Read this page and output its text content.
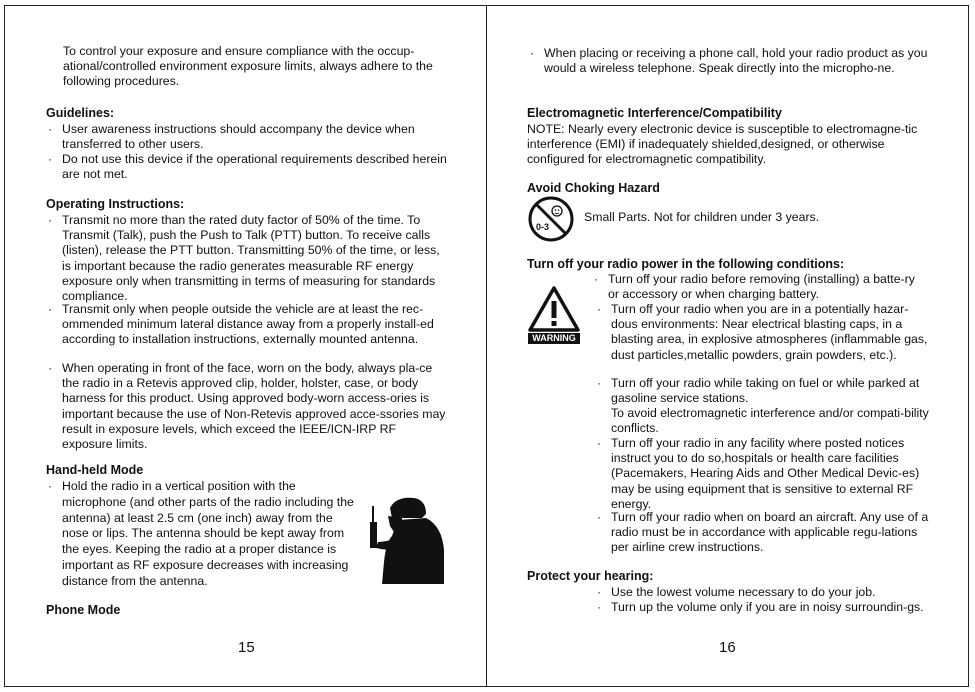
To control your exposure and ensure compliance with the occup-ational/controlled environment exposure limits, always adhere to the following procedures.
Guidelines:
· User awareness instructions should accompany the device when transferred to other users.
· Do not use this device if the operational requirements described herein are not met.
Operating Instructions:
· Transmit no more than the rated duty factor of 50% of the time. To Transmit (Talk), push the Push to Talk (PTT) button. To receive calls (listen), release the PTT button. Transmitting 50% of the time, or less, is important because the radio generates measurable RF energy exposure only when transmitting in terms of measuring for standards compliance.
· Transmit only when people outside the vehicle are at least the rec-ommended minimum lateral distance away from a properly install-ed according to installation instructions, externally mounted antenna.
· When operating in front of the face, worn on the body, always pla-ce the radio in a Retevis approved clip, holder, holster, case, or body harness for this product. Using approved body-worn access-ories is important because the use of Non-Retevis approved acce-ssories may result in exposure levels, which exceed the IEEE/ICN-IRP RF exposure limits.
Hand-held Mode
· Hold the radio in a vertical position with the microphone (and other parts of the radio including the antenna) at least 2.5 cm (one inch) away from the nose or lips. The antenna should be kept away from the eyes. Keeping the radio at a proper distance is important as RF exposure decreases with increasing distance from the antenna.
Phone Mode
15
· When placing or receiving a phone call, hold your radio product as you would a wireless telephone. Speak directly into the micropho-ne.
Electromagnetic Interference/Compatibility
NOTE: Nearly every electronic device is susceptible to electromagne-tic interference (EMI) if inadequately shielded,designed, or otherwise configured for electromagnetic compatibility.
Avoid Choking Hazard
0-3
Small Parts. Not for children under 3 years.
Turn off your radio power in the following conditions:
WARNING
· Turn off your radio before removing (installing) a batte-ry or accessory or when charging battery.
· Turn off your radio when you are in a potentially hazar-dous environments: Near electrical blasting caps, in a blasting area, in explosive atmospheres (inflammable gas, dust particles,metallic powders, grain powders, etc.).
· Turn off your radio while taking on fuel or while parked at gasoline service stations.
To avoid electromagnetic interference and/or compati-bility conflicts.
· Turn off your radio in any facility where posted notices instruct you to do so,hospitals or health care facilities (Pacemakers, Hearing Aids and Other Medical Devic-es) may be using equipment that is sensitive to external RF energy.
· Turn off your radio when on board an aircraft. Any use of a radio must be in accordance with applicable regu-lations per airline crew instructions.
Protect your hearing:
· Use the lowest volume necessary to do your job.
· Turn up the volume only if you are in noisy surroundin-gs.
16
